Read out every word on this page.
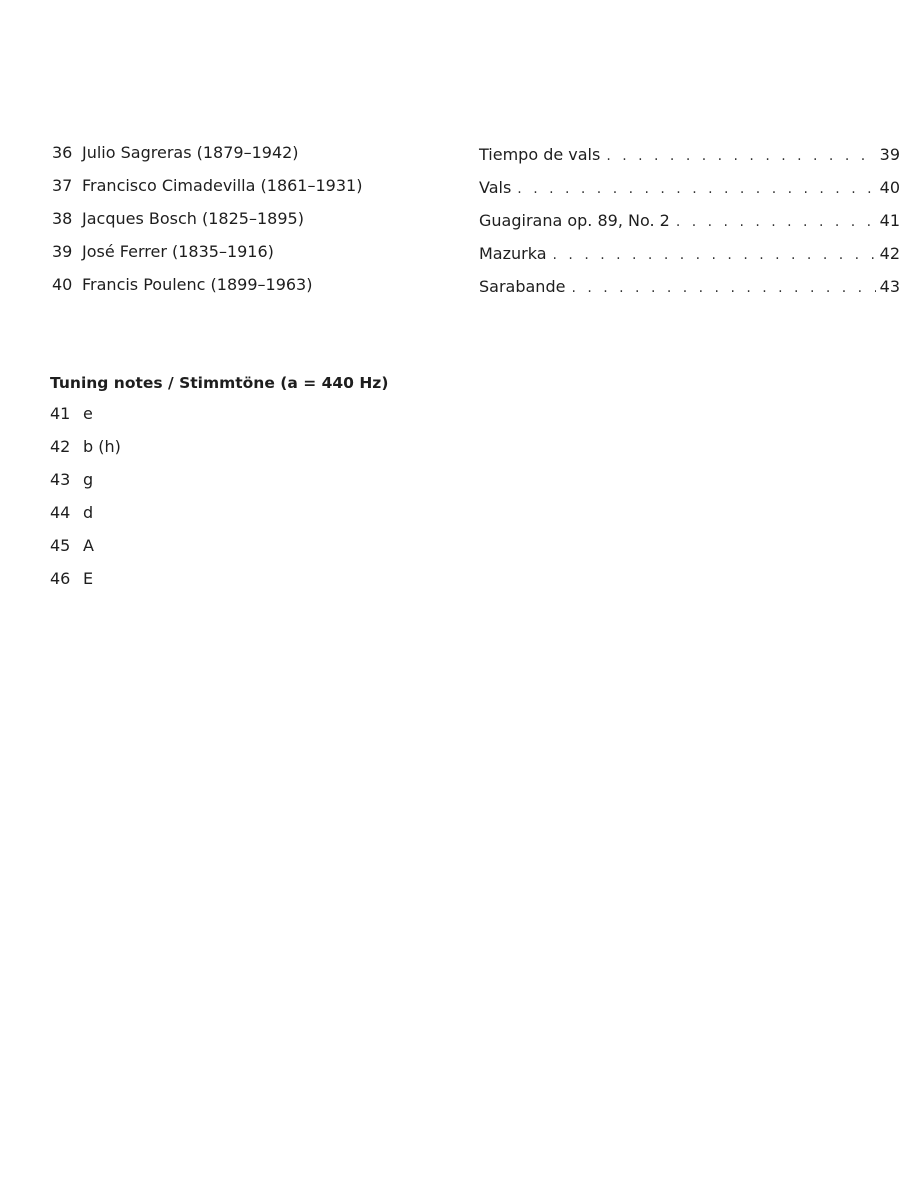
36 Julio Sagreras (1879–1942)
37 Francisco Cimadevilla (1861–1931)
38 Jacques Bosch (1825–1895)
39 José Ferrer (1835–1916)
40 Francis Poulenc (1899–1963)
Tiempo de vals . . .	39
Vals . . .	40
Guagirana op. 89, No. 2 . . .	41
Mazurka . . .	42
Sarabande . . .	43
Tuning notes / Stimmtöne (a = 440 Hz)
41 e
42 b (h)
43 g
44 d
45 A
46 E
